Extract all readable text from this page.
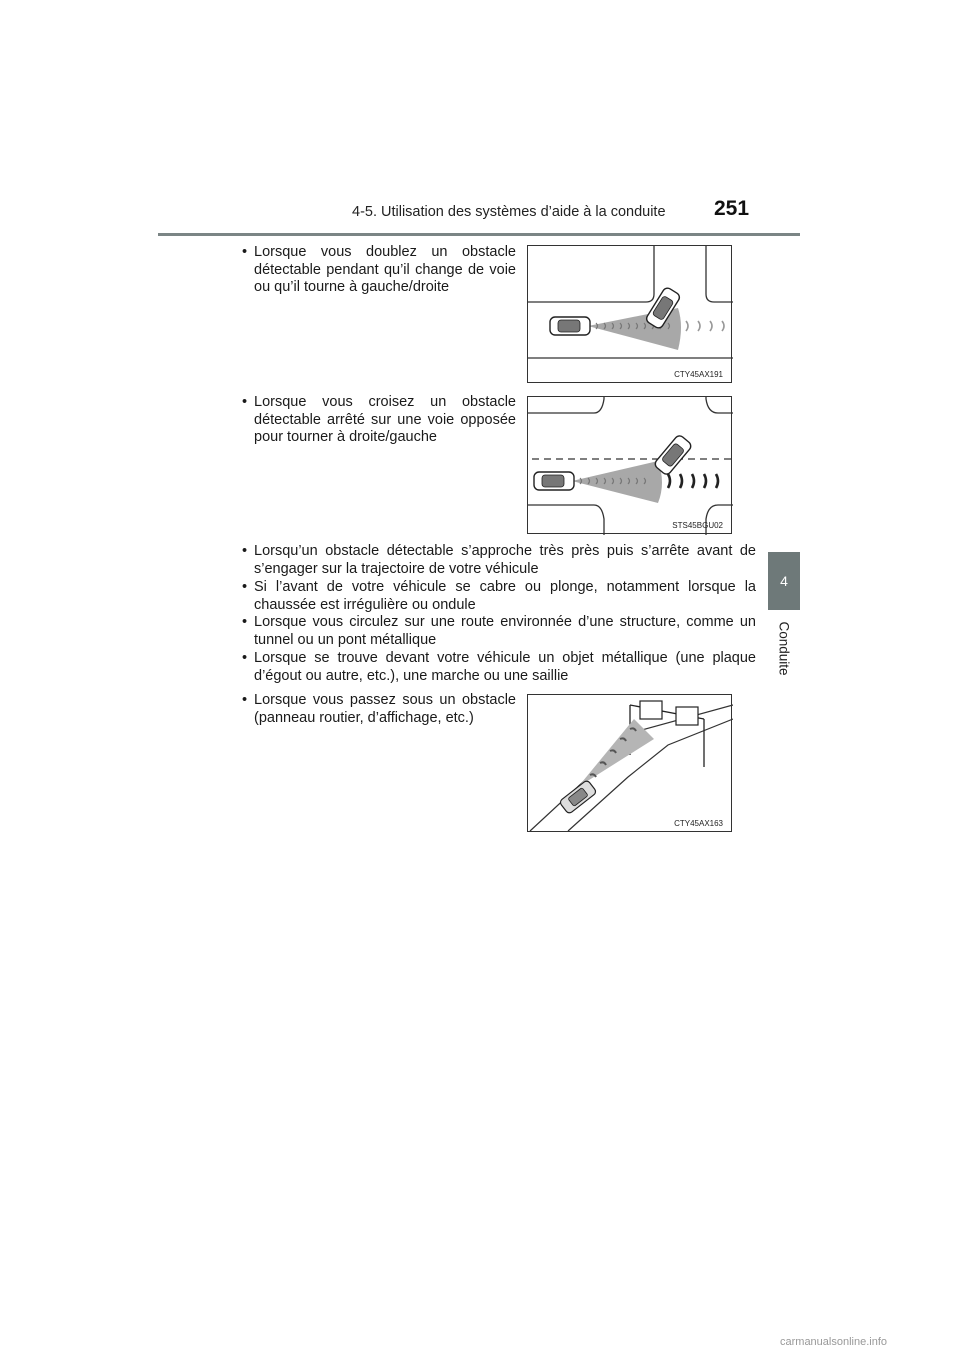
4-5. Utilisation des systèmes d’aide à la conduite 251
4
Conduite
• Lorsque vous doublez un obstacle détectable pendant qu’il change de voie ou qu’il tourne à gauche/droite
CTY45AX191
• Lorsque vous croisez un obstacle détectable arrêté sur une voie opposée pour tourner à droite/gauche
STS45BGU02
• Lorsqu’un obstacle détectable s’approche très près puis s’arrête avant de s’engager sur la trajectoire de votre véhicule
• Si l’avant de votre véhicule se cabre ou plonge, notamment lorsque la chaussée est irrégulière ou ondule
• Lorsque vous circulez sur une route environnée d’une structure, comme un tunnel ou un pont métallique
• Lorsque se trouve devant votre véhicule un objet métallique (une plaque d’égout ou autre, etc.), une marche ou une saillie
• Lorsque vous passez sous un obstacle (panneau routier, d’affichage, etc.)
CTY45AX163
carmanualsonline.info
